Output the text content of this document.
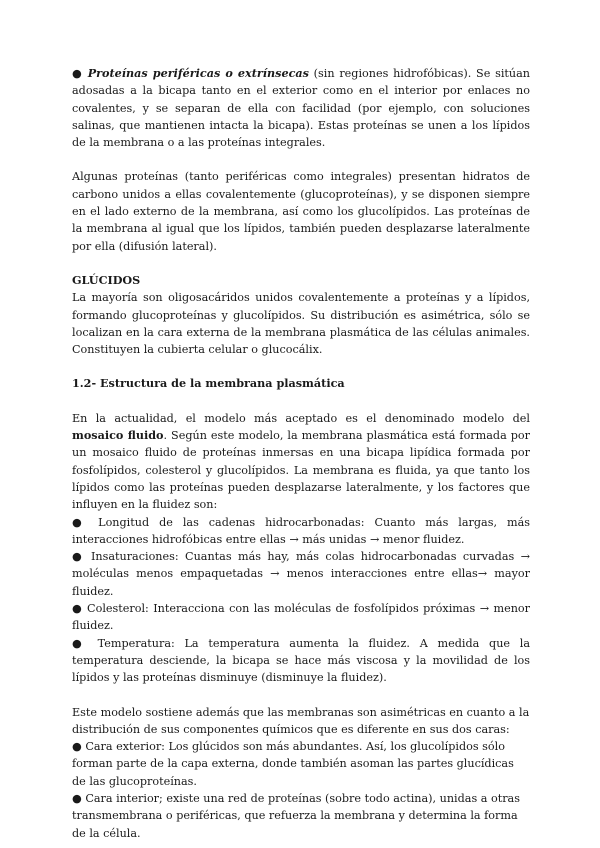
● Proteínas periféricas o extrínsecas (sin regiones hidrofóbicas). Se sitúan adosadas a la bicapa tanto en el exterior como en el interior por enlaces no covalentes, y se separan de ella con facilidad (por ejemplo, con soluciones salinas, que mantienen intacta la bicapa). Estas proteínas se unen a los lípidos de la membrana o a las proteínas integrales.

Algunas proteínas (tanto periféricas como integrales) presentan hidratos de carbono unidos a ellas covalentemente (glucoproteínas), y se disponen siempre en el lado externo de la membrana, así como los glucolípidos. Las proteínas de la membrana al igual que los lípidos, también pueden desplazarse lateralmente por ella (difusión lateral).

GLÚCIDOS

La mayoría son oligosacáridos unidos covalentemente a proteínas y a lípidos, formando glucoproteínas y glucolípidos. Su distribución es asimétrica, sólo se localizan en la cara externa de la membrana plasmática de las células animales. Constituyen la cubierta celular o glucocálix.

1.2- Estructura de la membrana plasmática

En la actualidad, el modelo más aceptado es el denominado modelo del mosaico fluido. Según este modelo, la membrana plasmática está formada por un mosaico fluido de proteínas inmersas en una bicapa lipídica formada por fosfolípidos, colesterol y glucolípidos. La membrana es fluida, ya que tanto los lípidos como las proteínas pueden desplazarse lateralmente, y los factores que influyen en la fluidez son:

● Longitud de las cadenas hidrocarbonadas: Cuanto más largas, más interacciones hidrofóbicas entre ellas → más unidas → menor fluidez.

● Insaturaciones: Cuantas más hay, más colas hidrocarbonadas curvadas → moléculas menos empaquetadas → menos interacciones entre ellas→ mayor fluidez.

● Colesterol: Interacciona con las moléculas de fosfolípidos próximas → menor fluidez.

● Temperatura: La temperatura aumenta la fluidez. A medida que la temperatura desciende, la bicapa se hace más viscosa y la movilidad de los lípidos y las proteínas disminuye (disminuye la fluidez).

Este modelo sostiene además que las membranas son asimétricas en cuanto a la distribución de sus componentes químicos que es diferente en sus dos caras:

● Cara exterior: Los glúcidos son más abundantes. Así, los glucolípidos sólo forman parte de la capa externa, donde también asoman las partes glucídicas de las glucoproteínas.

● Cara interior; existe una red de proteínas (sobre todo actina), unidas a otras transmembrana o periféricas, que refuerza la membrana y determina la forma de la célula.
